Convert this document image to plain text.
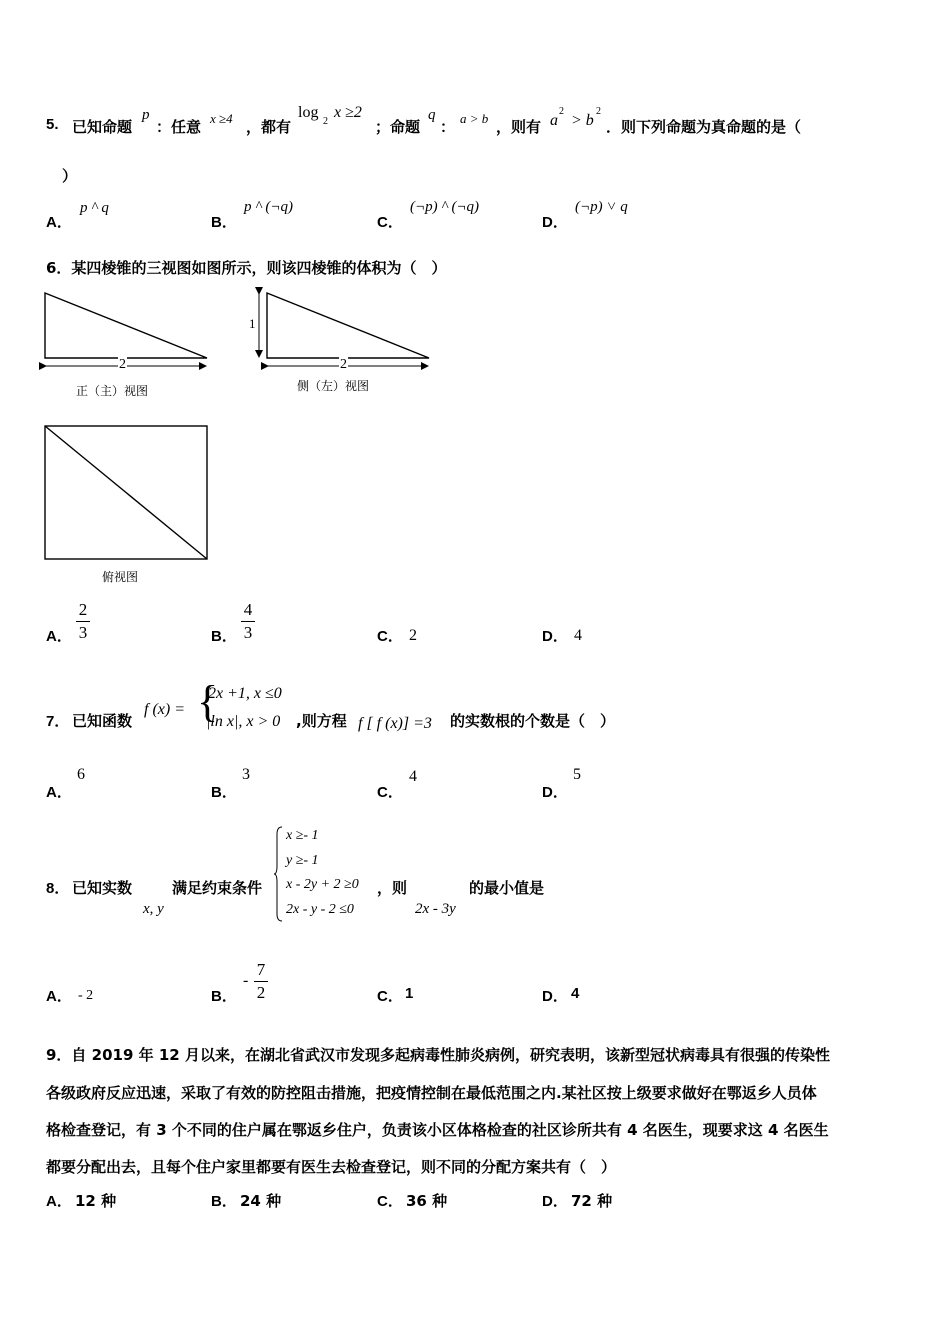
5. 已知命题
p
：任意 x ≥4 ，都有
log
2
x ≥2
；命题
q
： a > b ，则有 a
2
> b
2
．则下列命题为真命题的是（
）
A．
p ^ q
B．
p ^ (¬q)
C．
(¬p) ^ (¬q)
D．
(¬p) ˅ q
6．某四棱锥的三视图如图所示，则该四棱锥的体积为（　）
2
正（主）视图
1
2
侧（左）视图
俯视图
A．
2
3	B．
4
3	C． 2	D． 4
7． 已知函数
f (x) = {
2x +1, x ≤0
|ln x|, x > 0 ,则方程 f [ f (x)] =3 的实数根的个数是（　）
A．
6
B．
3
C．
4
D．
5
8． 已知实数
x, y
满足约束条件
x ≥- 1
y ≥- 1
x - 2y + 2 ≥0
2x - y - 2 ≤0
，则
2x - 3y
的最小值是
A． - 2	B．
-
7
2	C． 1	D． 4
9．自 2019 年 12 月以来，在湖北省武汉市发现多起病毒性肺炎病例，研究表明，该新型冠状病毒具有很强的传染性
各级政府反应迅速，采取了有效的防控阻击措施，把疫情控制在最低范围之内.某社区按上级要求做好在鄂返乡人员体
格检查登记，有 3 个不同的住户属在鄂返乡住户，负责该小区体格检查的社区诊所共有 4 名医生，现要求这 4 名医生
都要分配出去，且每个住户家里都要有医生去检查登记，则不同的分配方案共有（　）
A． 12 种	B． 24 种	C． 36 种	D． 72 种
